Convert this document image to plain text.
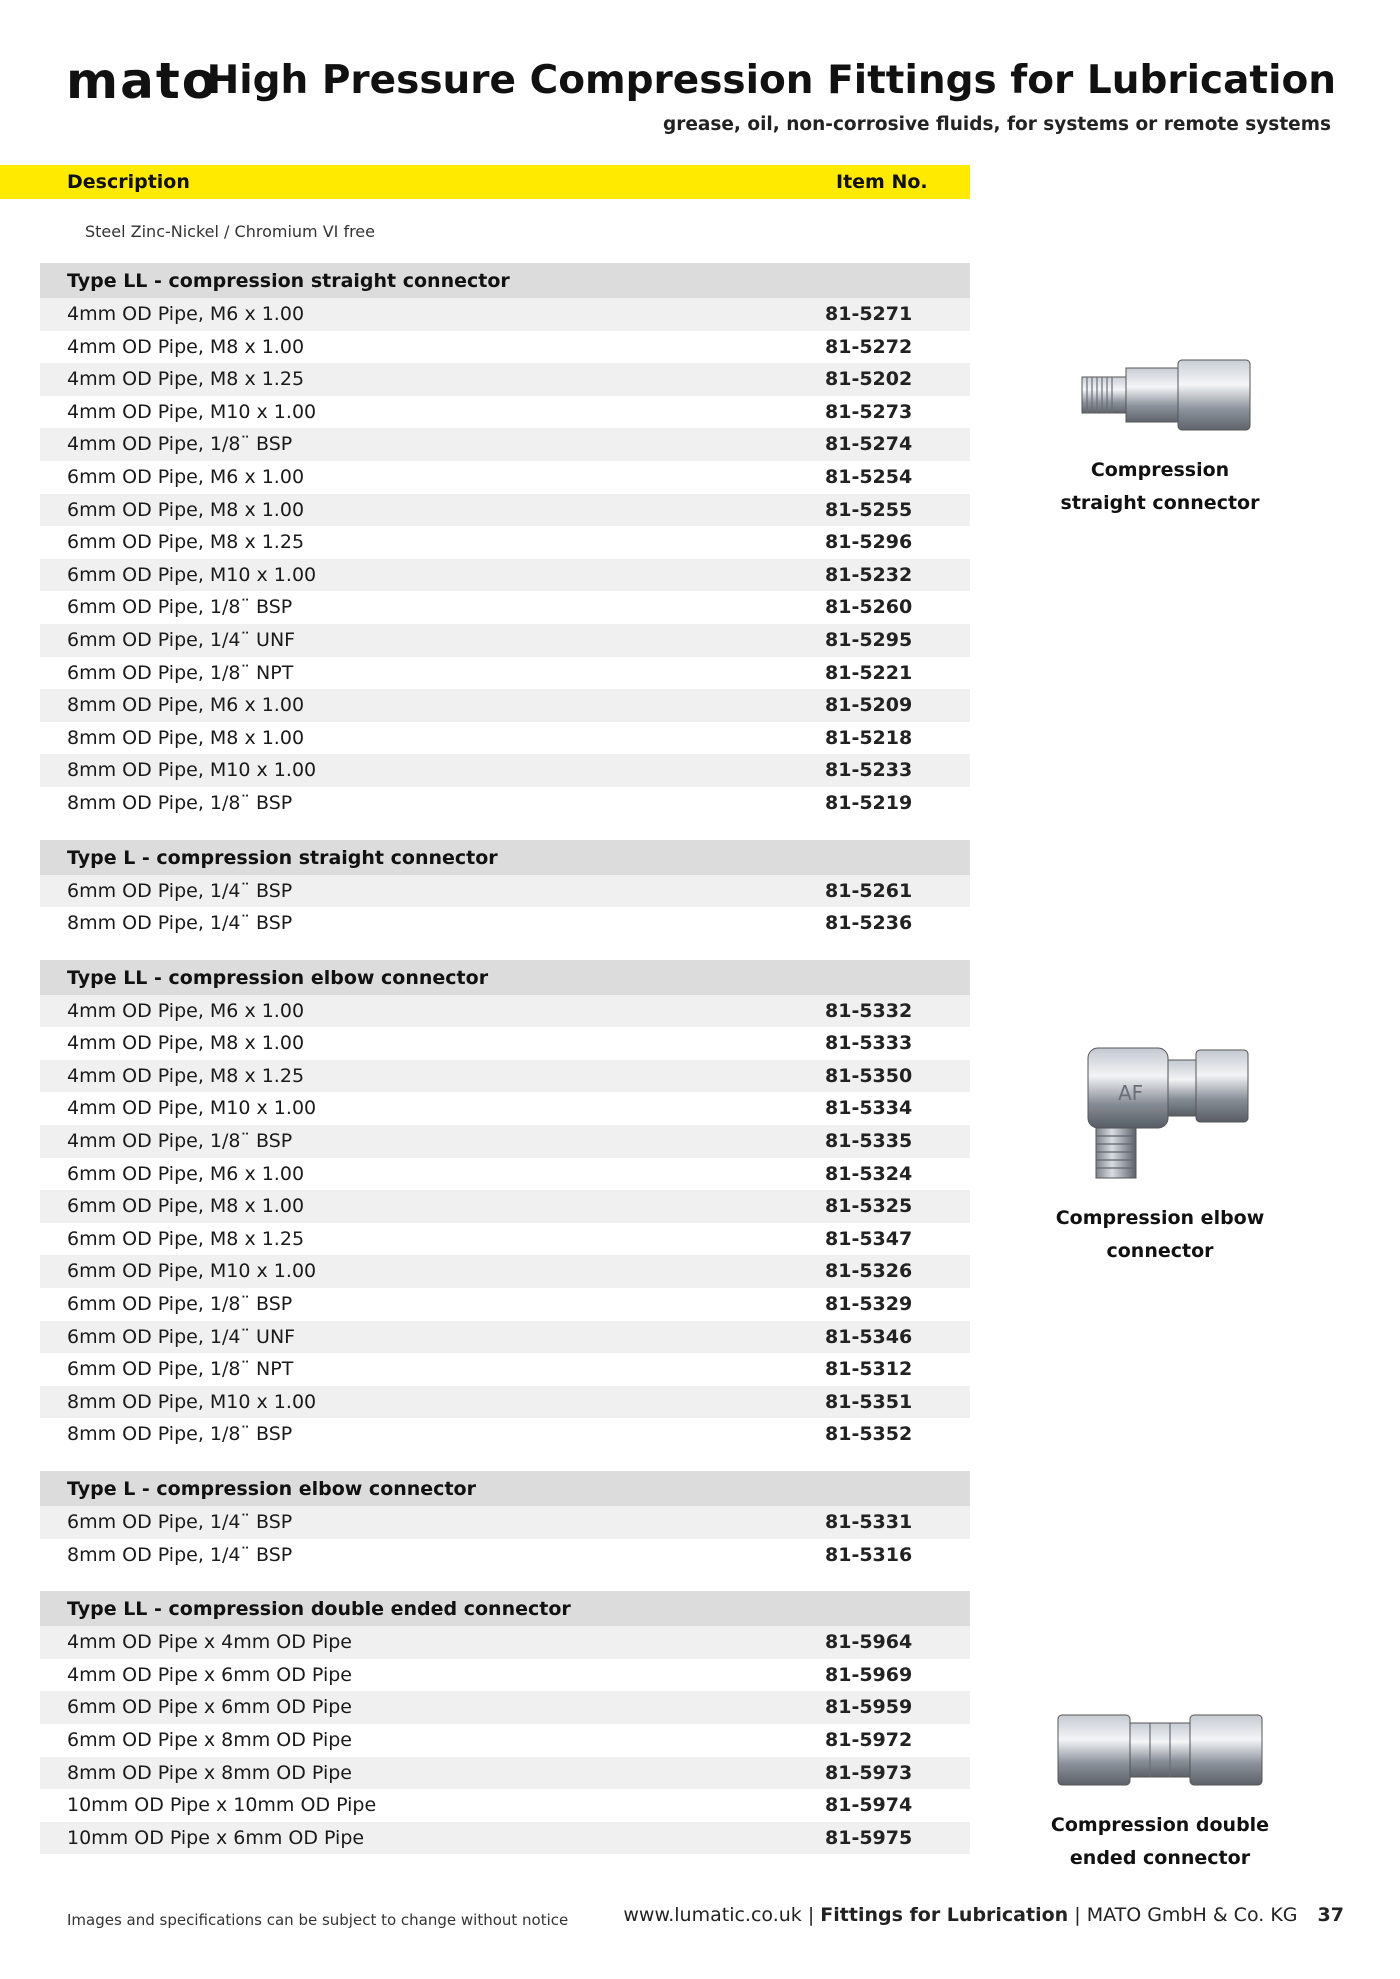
mato
High Pressure Compression Fittings for Lubrication
grease, oil, non-corrosive fluids, for systems or remote systems
Description	Item No.
Steel Zinc-Nickel / Chromium VI free
Type LL - compression straight connector
4mm OD Pipe, M6 x 1.00	81-5271
4mm OD Pipe, M8 x 1.00	81-5272
4mm OD Pipe, M8 x 1.25	81-5202
4mm OD Pipe, M10 x 1.00	81-5273
4mm OD Pipe, 1/8¨ BSP	81-5274
6mm OD Pipe, M6 x 1.00	81-5254
6mm OD Pipe, M8 x 1.00	81-5255
6mm OD Pipe, M8 x 1.25	81-5296
6mm OD Pipe, M10 x 1.00	81-5232
6mm OD Pipe, 1/8¨ BSP	81-5260
6mm OD Pipe, 1/4¨ UNF	81-5295
6mm OD Pipe, 1/8¨ NPT	81-5221
8mm OD Pipe, M6 x 1.00	81-5209
8mm OD Pipe, M8 x 1.00	81-5218
8mm OD Pipe, M10 x 1.00	81-5233
8mm OD Pipe, 1/8¨ BSP	81-5219
Type L - compression straight connector
6mm OD Pipe, 1/4¨ BSP	81-5261
8mm OD Pipe, 1/4¨ BSP	81-5236
Type LL - compression elbow connector
4mm OD Pipe, M6 x 1.00	81-5332
4mm OD Pipe, M8 x 1.00	81-5333
4mm OD Pipe, M8 x 1.25	81-5350
4mm OD Pipe, M10 x 1.00	81-5334
4mm OD Pipe, 1/8¨ BSP	81-5335
6mm OD Pipe, M6 x 1.00	81-5324
6mm OD Pipe, M8 x 1.00	81-5325
6mm OD Pipe, M8 x 1.25	81-5347
6mm OD Pipe, M10 x 1.00	81-5326
6mm OD Pipe, 1/8¨ BSP	81-5329
6mm OD Pipe, 1/4¨ UNF	81-5346
6mm OD Pipe, 1/8¨ NPT	81-5312
8mm OD Pipe, M10 x 1.00	81-5351
8mm OD Pipe, 1/8¨ BSP	81-5352
Type L - compression elbow connector
6mm OD Pipe, 1/4¨ BSP	81-5331
8mm OD Pipe, 1/4¨ BSP	81-5316
Type LL - compression double ended connector
4mm OD Pipe x 4mm OD Pipe	81-5964
4mm OD Pipe x 6mm OD Pipe	81-5969
6mm OD Pipe x 6mm OD Pipe	81-5959
6mm OD Pipe x 8mm OD Pipe	81-5972
8mm OD Pipe x 8mm OD Pipe	81-5973
10mm OD Pipe x 10mm OD Pipe	81-5974
10mm OD Pipe x 6mm OD Pipe	81-5975
Compression
straight connector
AF
Compression elbow
connector
Compression double
ended connector
Images and specifications can be subject to change without notice	www.lumatic.co.uk | Fittings for Lubrication | MATO GmbH & Co. KG 37
